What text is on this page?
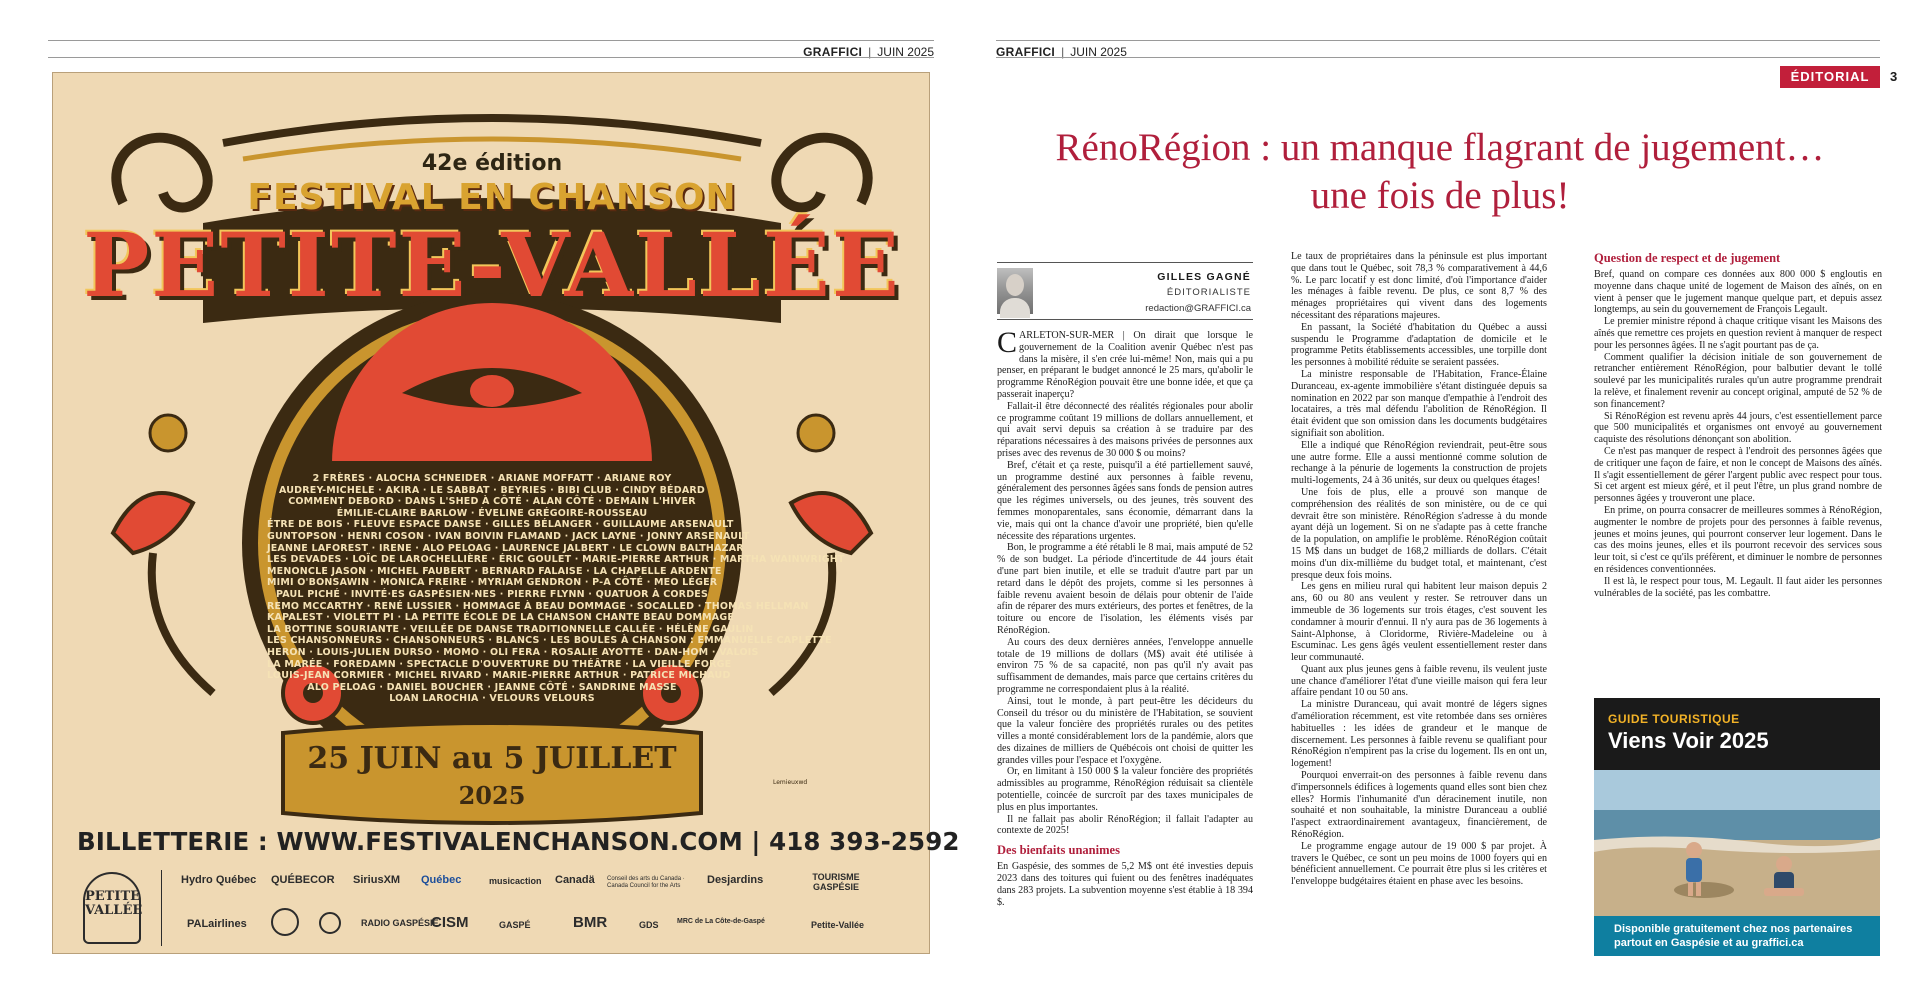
GRAFFICI | JUIN 2025	GRAFFICI | JUIN 2025
ÉDITORIAL	3
42e édition
FESTIVAL EN CHANSON
PETITE-VALLÉE
2 FRÈRES · ALOCHA SCHNEIDER · ARIANE MOFFATT · ARIANE ROY
AUDREY-MICHELE · AKIRA · LE SABBAT · BEYRIES · BIBI CLUB · CINDY BÉDARD
COMMENT DEBORD · DANS L'SHED À CÔTÉ · ALAN CÔTÉ · DEMAIN L'HIVER
ÉMILIE-CLAIRE BARLOW · ÉVELINE GRÉGOIRE-ROUSSEAU
ÉTRE DE BOIS · FLEUVE ESPACE DANSE · GILLES BÉLANGER · GUILLAUME ARSENAULT
GUNTOPSON · HENRI COSON · IVAN BOIVIN FLAMAND · JACK LAYNE · JONNY ARSENAULT
JEANNE LAFOREST · IRENE · ALO PELOAG · LAURENCE JALBERT · LE CLOWN BALTHAZAR
LES DEVADES · LOÏC DE LAROCHELLIÈRE · ÉRIC GOULET · MARIE-PIERRE ARTHUR · MARTHA WAINWRIGHT
MENONCLE JASON · MICHEL FAUBERT · BERNARD FALAISE · LA CHAPELLE ARDENTE
MIMI O'BONSAWIN · MONICA FREIRE · MYRIAM GENDRON · P-A CÔTÉ · MEO LÉGER
PAUL PICHÉ · INVITÉ·ES GASPÉSIEN·NES · PIERRE FLYNN · QUATUOR À CORDES
REMO MCCARTHY · RENÉ LUSSIER · HOMMAGE À BEAU DOMMAGE · SOCALLED · THOMAS HELLMAN
KAPALEST · VIOLETT PI · LA PETITE ÉCOLE DE LA CHANSON CHANTE BEAU DOMMAGE
LA BOTTINE SOURIANTE · VEILLÉE DE DANSE TRADITIONNELLE CALLÉE · HÉLÈNE GAULIN
LES CHANSONNEURS · CHANSONNEURS · BLANCS · LES BOULES À CHANSON : EMMANUELLE CAPLETTE
HERON · LOUIS-JULIEN DURSO · MOMO · OLI FERA · ROSALIE AYOTTE · DAN-HOM · VALOIS
LA MARÉE · FOREDAMN · SPECTACLE D'OUVERTURE DU THÉÂTRE · LA VIEILLE FORGE
LOUIS-JEAN CORMIER · MICHEL RIVARD · MARIE-PIERRE ARTHUR · PATRICE MICHAUD
ALO PELOAG · DANIEL BOUCHER · JEANNE CÔTÉ · SANDRINE MASSE
LOAN LAROCHIA · VELOURS VELOURS
25 JUIN au 5 JUILLET
2025	Lemieuxwd
BILLETTERIE : WWW.FESTIVALENCHANSON.COM | 418 393-2592
PETITE VALLÉE
Hydro Québec QUÉBECOR SiriusXM Québec	musicaction Canadä Conseil des arts du Canada · Canada Council for the Arts	Desjardins	TOURISME GASPÉSIE
PALairlines	RADIO GASPÉSIE
CISM	GASPÉ	BMR	GDS	MRC de La Côte-de-Gaspé	Petite-Vallée
RénoRégion : un manque flagrant de jugement…
une fois de plus!
GILLES GAGNÉ
ÉDITORIALISTE
redaction@GRAFFICI.ca

CARLETON-SUR-MER | On dirait que lorsque le gouvernement de la Coalition avenir Québec n'est pas dans la misère, il s'en crée lui-même! Non, mais qui a pu penser, en préparant le budget annoncé le 25 mars, qu'abolir le programme RénoRégion pouvait être une bonne idée, et que ça passerait inaperçu?

Fallait-il être déconnecté des réalités régionales pour abolir ce programme coûtant 19 millions de dollars annuellement, et qui avait servi depuis sa création à se traduire par des réparations nécessaires à des maisons privées de personnes aux prises avec des revenus de 30 000 $ ou moins?

Bref, c'était et ça reste, puisqu'il a été partiellement sauvé, un programme destiné aux personnes à faible revenu, généralement des personnes âgées sans fonds de pension autres que les régimes universels, ou des jeunes, très souvent des femmes monoparentales, sans économie, démarrant dans la vie, mais qui ont la chance d'avoir une propriété, bien qu'elle nécessite des réparations urgentes.

Bon, le programme a été rétabli le 8 mai, mais amputé de 52 % de son budget. La période d'incertitude de 44 jours était d'une part bien inutile, et elle se traduit d'autre part par un retard dans le dépôt des projets, comme si les personnes à faible revenu avaient besoin de délais pour obtenir de l'aide afin de réparer des murs extérieurs, des portes et fenêtres, de la toiture ou encore de l'isolation, les éléments visés par RénoRégion.

Au cours des deux dernières années, l'enveloppe annuelle totale de 19 millions de dollars (M$) avait été utilisée à environ 75 % de sa capacité, non pas qu'il n'y avait pas suffisamment de demandes, mais parce que certains critères du programme ne correspondaient plus à la réalité.

Ainsi, tout le monde, à part peut-être les décideurs du Conseil du trésor ou du ministère de l'Habitation, se souvient que la valeur foncière des propriétés rurales ou des petites villes a monté considérablement lors de la pandémie, alors que des dizaines de milliers de Québécois ont choisi de quitter les grandes villes pour l'espace et l'oxygène.

Or, en limitant à 150 000 $ la valeur foncière des propriétés admissibles au programme, RénoRégion réduisait sa clientèle potentielle, coincée de surcroît par des taxes municipales de plus en plus importantes.

Il ne fallait pas abolir RénoRégion; il fallait l'adapter au contexte de 2025!

Des bienfaits unanimes

En Gaspésie, des sommes de 5,2 M$ ont été investies depuis 2023 dans des toitures qui fuient ou des fenêtres inadéquates dans 283 projets. La subvention moyenne s'est établie à 18 394 $.

Le taux de propriétaires dans la péninsule est plus important que dans tout le Québec, soit 78,3 % comparativement à 44,6 %. Le parc locatif y est donc limité, d'où l'importance d'aider les ménages à faible revenu. De plus, ce sont 8,7 % des ménages propriétaires qui vivent dans des logements nécessitant des réparations majeures.

En passant, la Société d'habitation du Québec a aussi suspendu le Programme d'adaptation de domicile et le programme Petits établissements accessibles, une torpille dont les personnes à mobilité réduite se seraient passées.

La ministre responsable de l'Habitation, France-Élaine Duranceau, ex-agente immobilière s'étant distinguée depuis sa nomination en 2022 par son manque d'empathie à l'endroit des locataires, a très mal défendu l'abolition de RénoRégion. Il était évident que son omission dans les documents budgétaires signifiait son abolition.

Elle a indiqué que RénoRégion reviendrait, peut-être sous une autre forme. Elle a aussi mentionné comme solution de rechange à la pénurie de logements la construction de projets multi-logements, 24 à 36 unités, sur deux ou quelques étages!

Une fois de plus, elle a prouvé son manque de compréhension des réalités de son ministère, ou de ce qui devrait être son ministère. RénoRégion s'adresse à du monde ayant déjà un logement. Si on ne s'adapte pas à cette franche de la population, on amplifie le problème. RénoRégion coûtait 15 M$ dans un budget de 168,2 milliards de dollars. C'était moins d'un dix-millième du budget total, et maintenant, c'est presque deux fois moins.

Les gens en milieu rural qui habitent leur maison depuis 2 ans, 60 ou 80 ans veulent y rester. Se retrouver dans un immeuble de 36 logements sur trois étages, c'est souvent les condamner à mourir d'ennui. Il n'y aura pas de 36 logements à Saint-Alphonse, à Cloridorme, Rivière-Madeleine ou à Escuminac. Les gens âgés veulent essentiellement rester dans leur communauté.

Quant aux plus jeunes gens à faible revenu, ils veulent juste une chance d'améliorer l'état d'une vieille maison qui fera leur affaire pendant 10 ou 50 ans.

La ministre Duranceau, qui avait montré de légers signes d'amélioration récemment, est vite retombée dans ses ornières habituelles : les idées de grandeur et le manque de discernement. Les personnes à faible revenu se qualifiant pour RénoRégion n'empirent pas la crise du logement. Ils en ont un, logement!

Pourquoi enverrait-on des personnes à faible revenu dans d'impersonnels édifices à logements quand elles sont bien chez elles? Hormis l'inhumanité d'un déracinement inutile, non souhaité et non souhaitable, la ministre Duranceau a oublié l'aspect extraordinairement avantageux, financièrement, de RénoRégion.

Le programme engage autour de 19 000 $ par projet. À travers le Québec, ce sont un peu moins de 1000 foyers qui en bénéficient annuellement. Ce pourrait être plus si les critères et l'enveloppe budgétaires étaient en phase avec les besoins.

Question de respect et de jugement

Bref, quand on compare ces données aux 800 000 $ engloutis en moyenne dans chaque unité de logement de Maison des aînés, on en vient à penser que le jugement manque quelque part, et depuis assez longtemps, au sein du gouvernement de François Legault.

Le premier ministre répond à chaque critique visant les Maisons des aînés que remettre ces projets en question revient à manquer de respect pour les personnes âgées. Il ne s'agit pourtant pas de ça.

Comment qualifier la décision initiale de son gouvernement de retrancher entièrement RénoRégion, pour balbutier devant le tollé soulevé par les municipalités rurales qu'un autre programme prendrait la relève, et finalement revenir au concept original, amputé de 52 % de son financement?

Si RénoRégion est revenu après 44 jours, c'est essentiellement parce que 500 municipalités et organismes ont envoyé au gouvernement caquiste des résolutions dénonçant son abolition.

Ce n'est pas manquer de respect à l'endroit des personnes âgées que de critiquer une façon de faire, et non le concept de Maisons des aînés. Il s'agit essentiellement de gérer l'argent public avec respect pour tous. Si cet argent est mieux géré, et il peut l'être, un plus grand nombre de personnes âgées y trouveront une place.

En prime, on pourra consacrer de meilleures sommes à RénoRégion, augmenter le nombre de projets pour des personnes à faible revenus, jeunes et moins jeunes, qui pourront conserver leur logement. Dans le cas des moins jeunes, elles et ils pourront recevoir des services sous leur toit, si c'est ce qu'ils préfèrent, et diminuer le nombre de personnes en résidences conventionnées.

Il est là, le respect pour tous, M. Legault. Il faut aider les personnes vulnérables de la société, pas les combattre.

GUIDE TOURISTIQUE
Viens Voir 2025
Disponible gratuitement chez nos partenaires partout en Gaspésie et au graffici.ca
